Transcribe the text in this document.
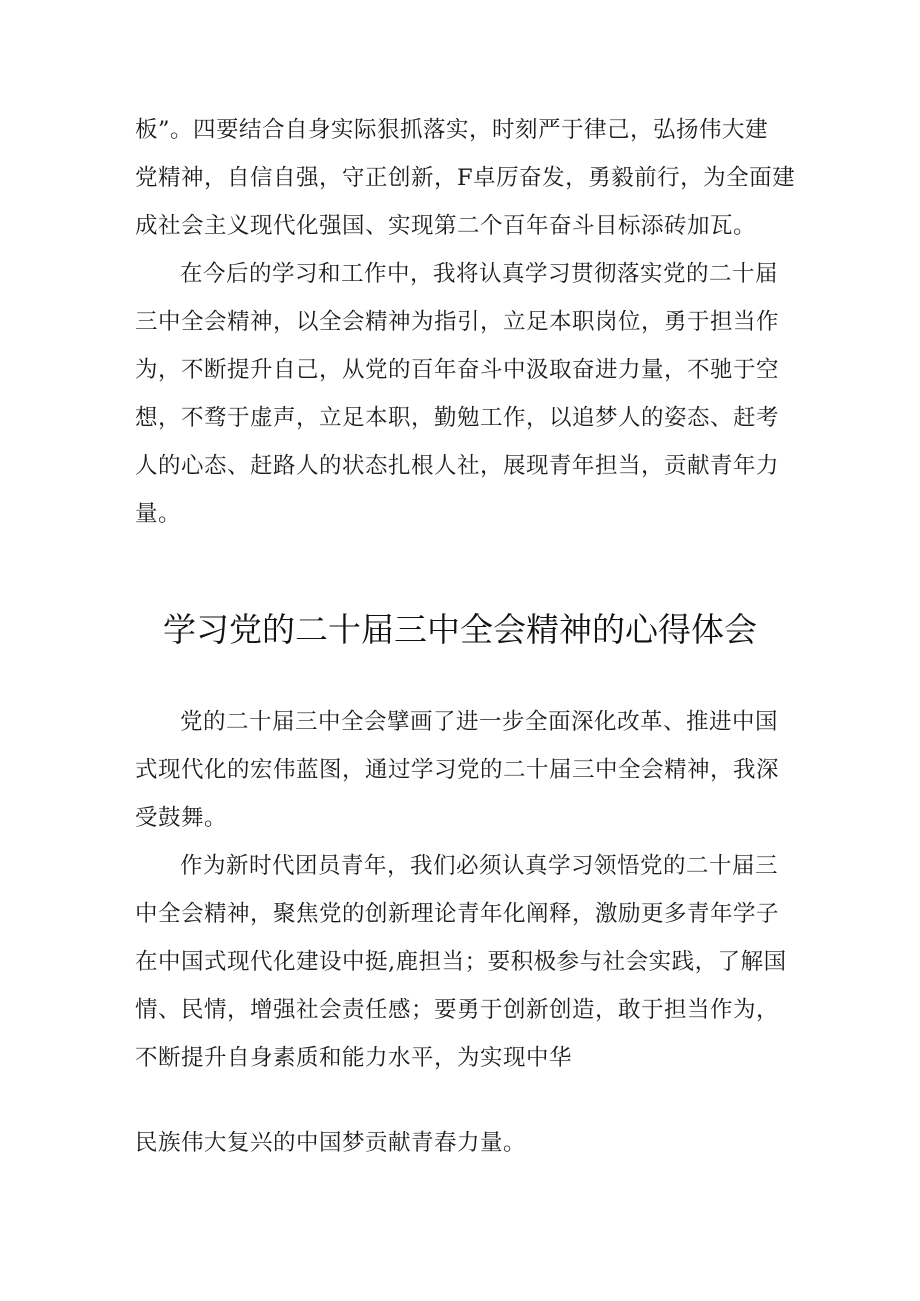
板”。四要结合自身实际狠抓落实，时刻严于律己，弘扬伟大建
党精神，自信自强，守正创新，F卓厉奋发，勇毅前行，为全面建
成社会主义现代化强国、实现第二个百年奋斗目标添砖加瓦。
在今后的学习和工作中，我将认真学习贯彻落实党的二十届
三中全会精神，以全会精神为指引，立足本职岗位，勇于担当作
为，不断提升自己，从党的百年奋斗中汲取奋进力量，不驰于空
想，不骛于虚声，立足本职，勤勉工作，以追梦人的姿态、赶考
人的心态、赶路人的状态扎根人社，展现青年担当，贡献青年力
量。
学习党的二十届三中全会精神的心得体会
党的二十届三中全会擘画了进一步全面深化改革、推进中国
式现代化的宏伟蓝图，通过学习党的二十届三中全会精神，我深
受鼓舞。
作为新时代团员青年，我们必须认真学习领悟党的二十届三
中全会精神，聚焦党的创新理论青年化阐释，激励更多青年学子
在中国式现代化建设中挺,鹿担当；要积极参与社会实践，了解国
情、民情，增强社会责任感；要勇于创新创造，敢于担当作为，
不断提升自身素质和能力水平，为实现中华
民族伟大复兴的中国梦贡献青春力量。
